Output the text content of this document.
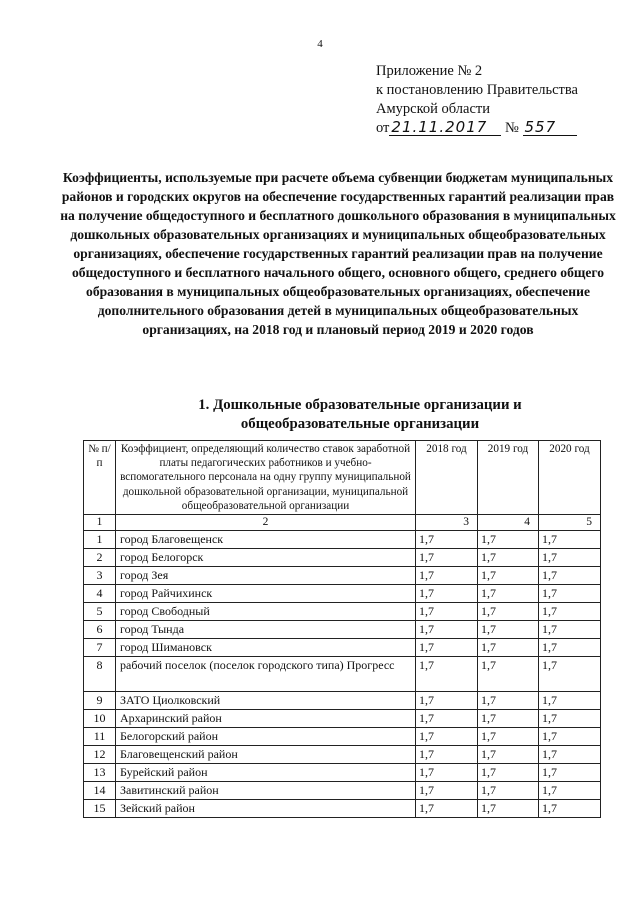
4
Приложение № 2
к постановлению Правительства
Амурской области
от 21.11.2017 № 557
Коэффициенты, используемые при расчете объема субвенции бюджетам муниципальных районов и городских округов на обеспечение государственных гарантий реализации прав на получение общедоступного и бесплатного дошкольного образования в муниципальных дошкольных образовательных организациях и муниципальных общеобразовательных организациях, обеспечение государственных гарантий реализации прав на получение общедоступного и бесплатного начального общего, основного общего, среднего общего образования в муниципальных общеобразовательных организациях, обеспечение дополнительного образования детей в муниципальных общеобразовательных организациях, на 2018 год и плановый период 2019 и 2020 годов
1. Дошкольные образовательные организации и общеобразовательные организации
№ п/п	Коэффициент, определяющий количество ставок заработной платы педагогических работников и учебно-вспомогательного персонала на одну группу муниципальной дошкольной образовательной организации, муниципальной общеобразовательной организации	2018 год	2019 год	2020 год
1	2	3	4	5
1	город Благовещенск	1,7	1,7	1,7
2	город Белогорск	1,7	1,7	1,7
3	город Зея	1,7	1,7	1,7
4	город Райчихинск	1,7	1,7	1,7
5	город Свободный	1,7	1,7	1,7
6	город Тында	1,7	1,7	1,7
7	город Шимановск	1,7	1,7	1,7
8	рабочий поселок (поселок городского типа) Прогресс	1,7	1,7	1,7
9	ЗАТО Циолковский	1,7	1,7	1,7
10	Архаринский район	1,7	1,7	1,7
11	Белогорский район	1,7	1,7	1,7
12	Благовещенский район	1,7	1,7	1,7
13	Бурейский район	1,7	1,7	1,7
14	Завитинский район	1,7	1,7	1,7
15	Зейский район	1,7	1,7	1,7
